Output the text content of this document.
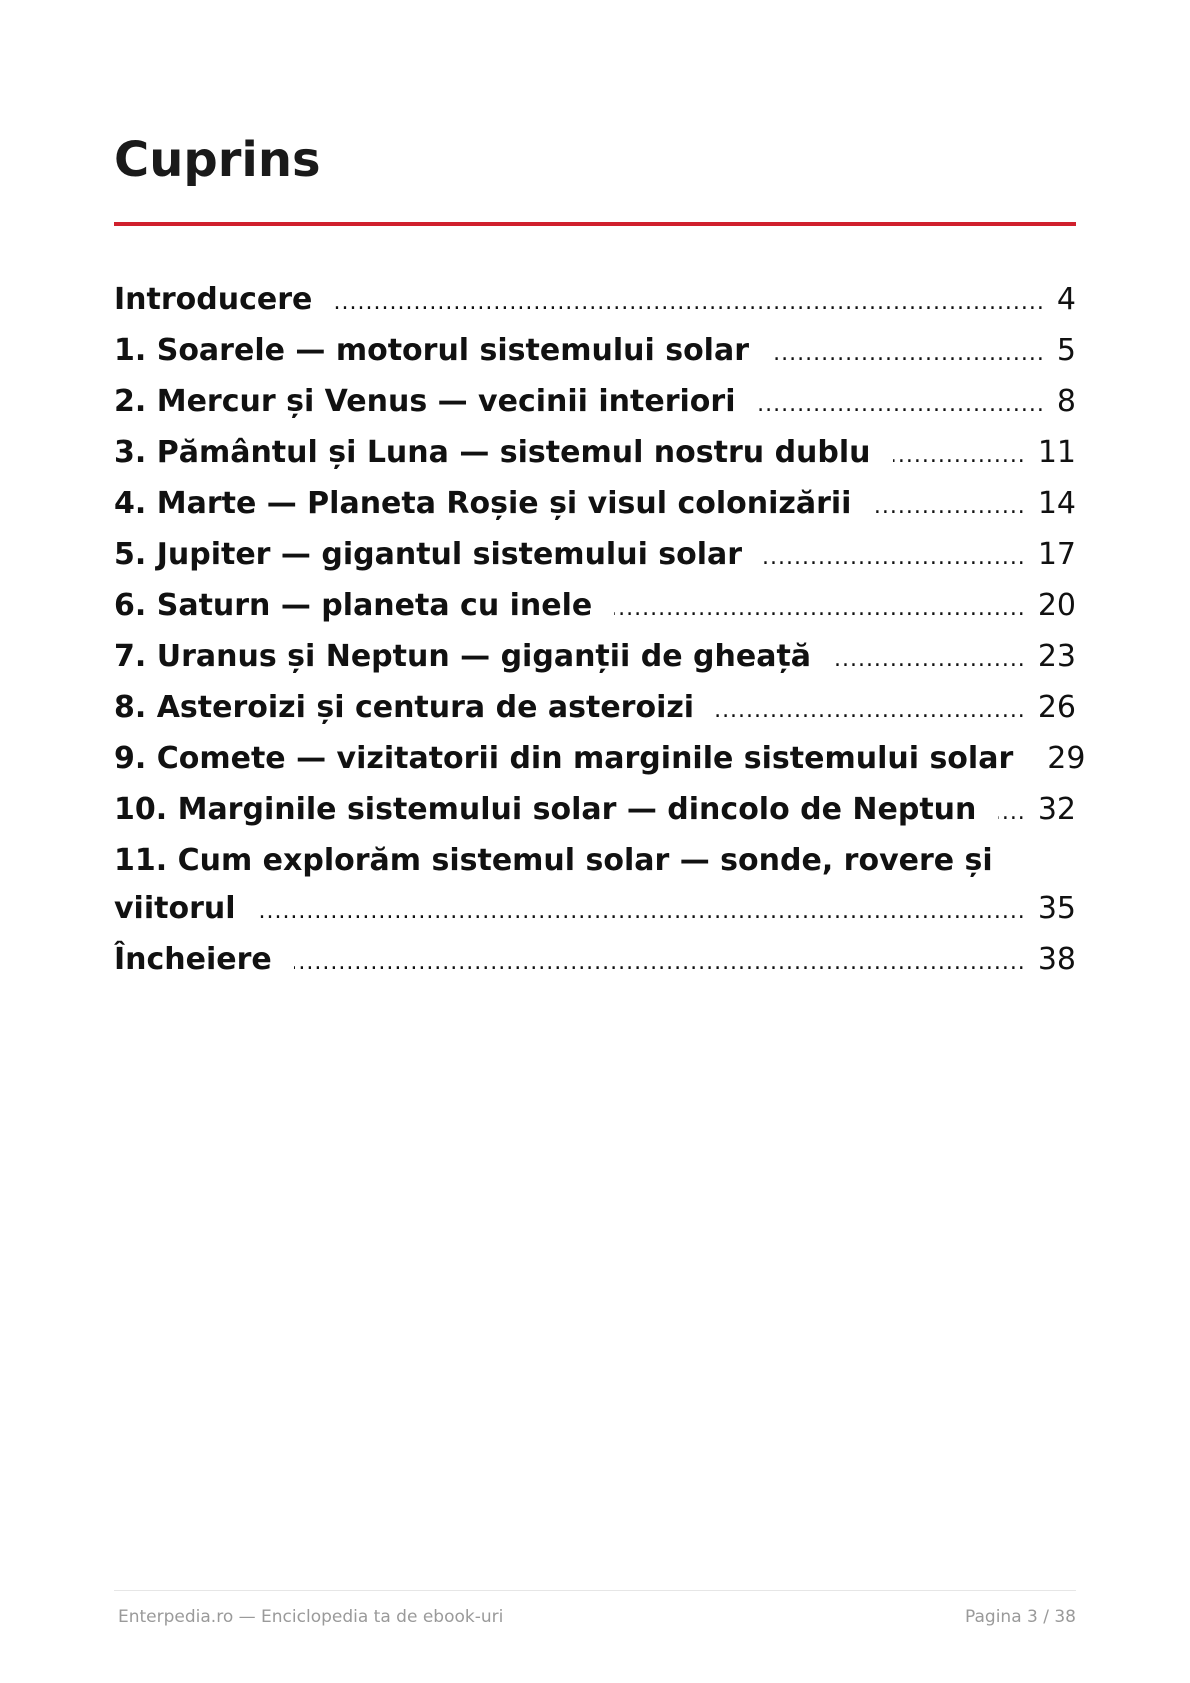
Cuprins
Introducere .....	4
1. Soarele — motorul sistemului solar .....	5
2. Mercur și Venus — vecinii interiori .....	8
3. Pământul și Luna — sistemul nostru dublu .....	11
4. Marte — Planeta Roșie și visul colonizării .....	14
5. Jupiter — gigantul sistemului solar .....	17
6. Saturn — planeta cu inele .....	20
7. Uranus și Neptun — giganții de gheață .....	23
8. Asteroizi și centura de asteroizi .....	26
9. Comete — vizitatorii din marginile sistemului solar 29
10. Marginile sistemului solar — dincolo de Neptun ..... 32
11. Cum explorăm sistemul solar — sonde, rovere și
viitorul .....	35
Încheiere .....	38
Enterpedia.ro — Enciclopedia ta de ebook-uri	Pagina 3 / 38
